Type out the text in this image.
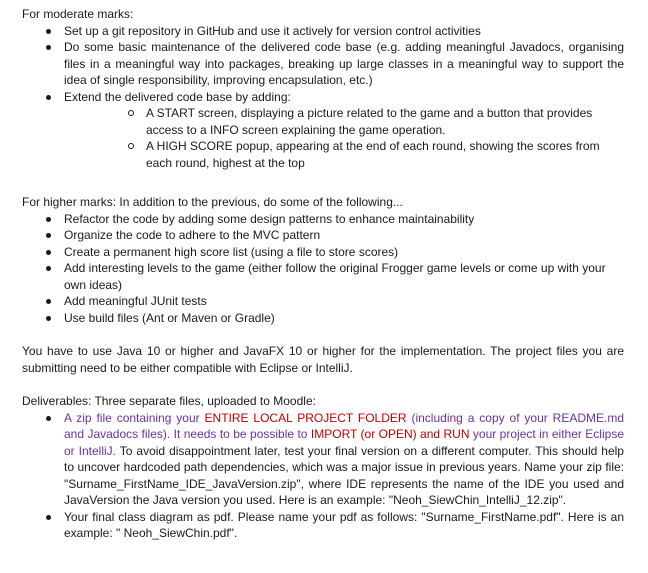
For moderate marks:

Set up a git repository in GitHub and use it actively for version control activities
Do some basic maintenance of the delivered code base (e.g. adding meaningful Javadocs, organising files in a meaningful way into packages, breaking up large classes in a meaningful way to support the idea of single responsibility, improving encapsulation, etc.)
Extend the delivered code base by adding:
A START screen, displaying a picture related to the game and a button that provides access to a INFO screen explaining the game operation.
A HIGH SCORE popup, appearing at the end of each round, showing the scores from each round, highest at the top

For higher marks: In addition to the previous, do some of the following...

Refactor the code by adding some design patterns to enhance maintainability
Organize the code to adhere to the MVC pattern
Create a permanent high score list (using a file to store scores)
Add interesting levels to the game (either follow the original Frogger game levels or come up with your own ideas)
Add meaningful JUnit tests
Use build files (Ant or Maven or Gradle)

You have to use Java 10 or higher and JavaFX 10 or higher for the implementation. The project files you are submitting need to be either compatible with Eclipse or IntelliJ.

Deliverables: Three separate files, uploaded to Moodle:

A zip file containing your ENTIRE LOCAL PROJECT FOLDER (including a copy of your README.md and Javadocs files). It needs to be possible to IMPORT (or OPEN) and RUN your project in either Eclipse or IntelliJ. To avoid disappointment later, test your final version on a different computer. This should help to uncover hardcoded path dependencies, which was a major issue in previous years. Name your zip file: "Surname_FirstName_IDE_JavaVersion.zip", where IDE represents the name of the IDE you used and JavaVersion the Java version you used. Here is an example: "Neoh_SiewChin_IntelliJ_12.zip".
Your final class diagram as pdf. Please name your pdf as follows: "Surname_FirstName.pdf". Here is an example: " Neoh_SiewChin.pdf".
